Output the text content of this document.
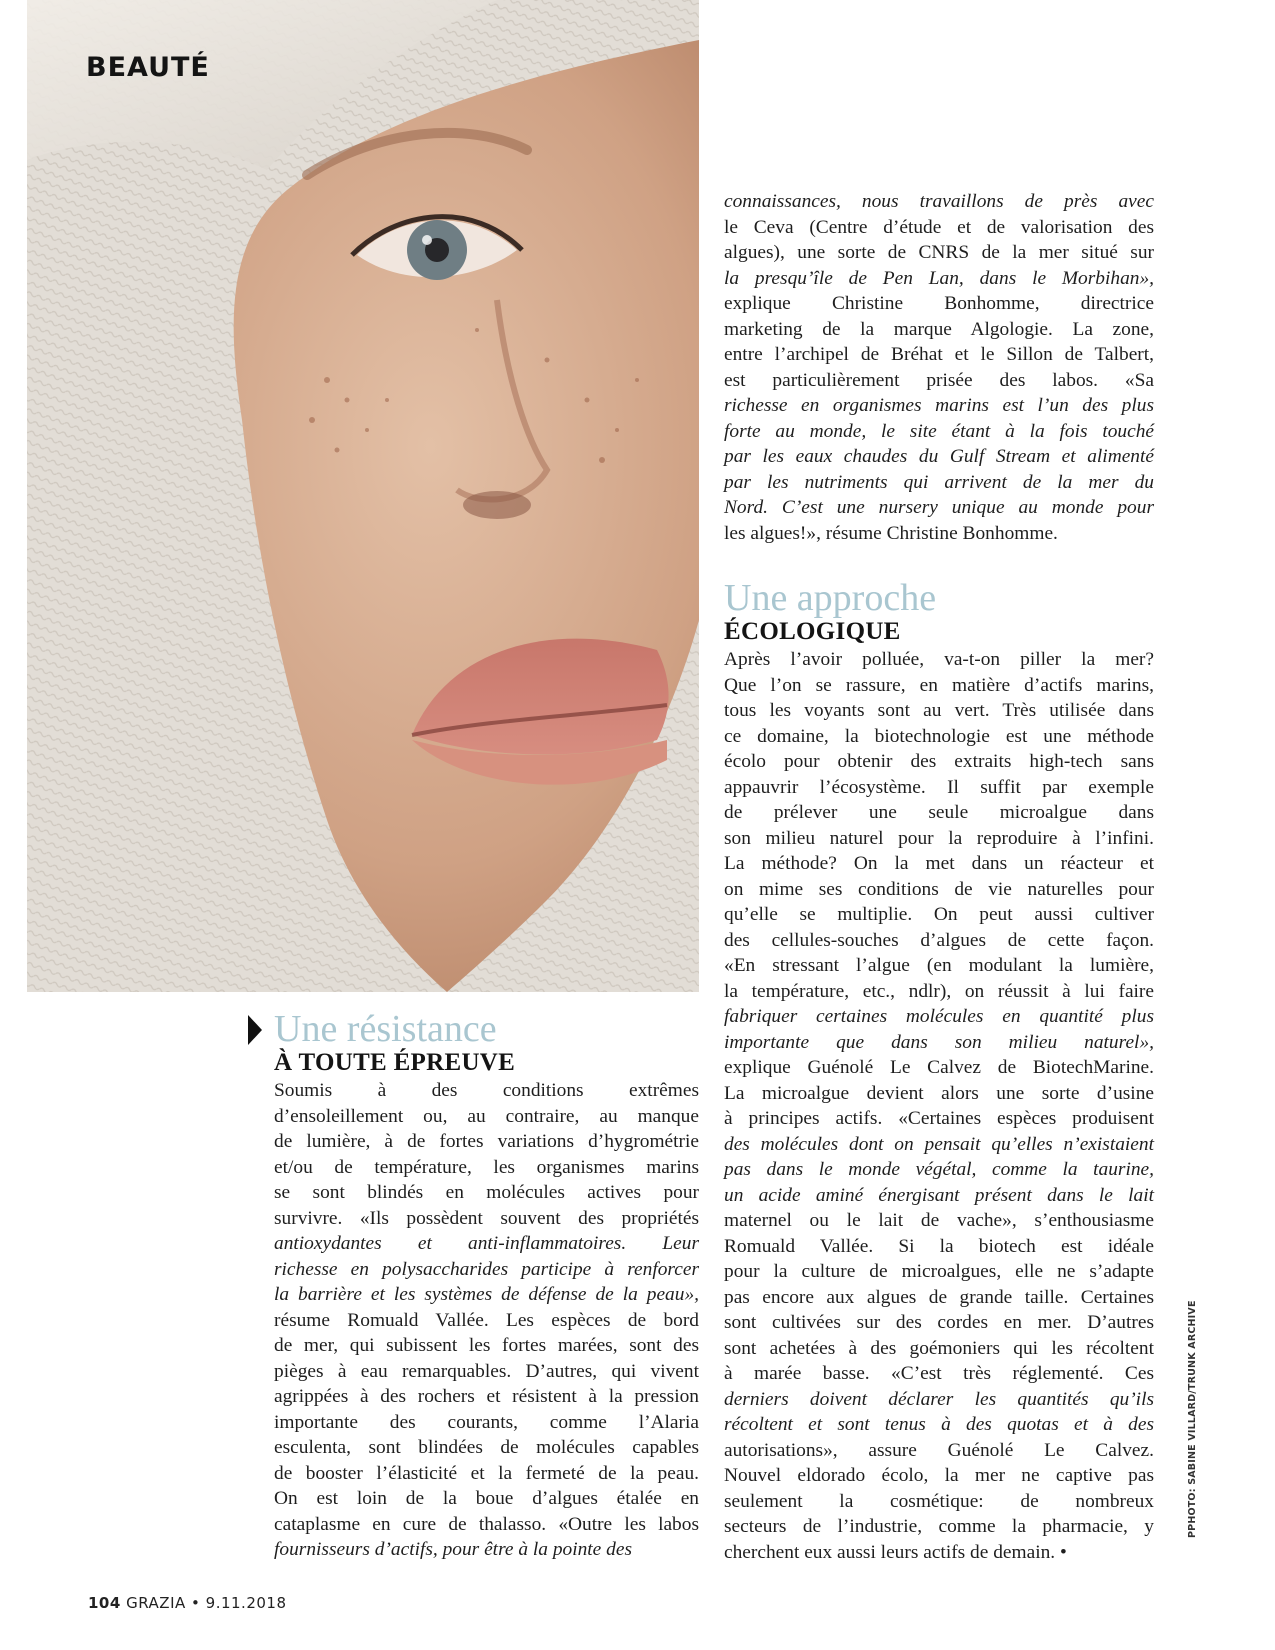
BEAUTÉ

connaissances, nous travaillons de près avec
le Ceva (Centre d’étude et de valorisation des
algues), une sorte de CNRS de la mer situé sur
la presqu’île de Pen Lan, dans le Morbihan»,
explique Christine Bonhomme, directrice
marketing de la marque Algologie. La zone,
entre l’archipel de Bréhat et le Sillon de Talbert,
est particulièrement prisée des labos. «Sa
richesse en organismes marins est l’un des plus
forte au monde, le site étant à la fois touché
par les eaux chaudes du Gulf Stream et alimenté
par les nutriments qui arrivent de la mer du
Nord. C’est une nursery unique au monde pour
les algues!», résume Christine Bonhomme.

Une approche
ÉCOLOGIQUE

Après l’avoir polluée, va-t-on piller la mer?
Que l’on se rassure, en matière d’actifs marins,
tous les voyants sont au vert. Très utilisée dans
ce domaine, la biotechnologie est une méthode
écolo pour obtenir des extraits high-tech sans
appauvrir l’écosystème. Il suffit par exemple
de prélever une seule microalgue dans
son milieu naturel pour la reproduire à l’infini.
La méthode? On la met dans un réacteur et
on mime ses conditions de vie naturelles pour
qu’elle se multiplie. On peut aussi cultiver
des cellules-souches d’algues de cette façon.
«En stressant l’algue (en modulant la lumière,
la température, etc., ndlr), on réussit à lui faire
fabriquer certaines molécules en quantité plus
importante que dans son milieu naturel»,
explique Guénolé Le Calvez de BiotechMarine.
La microalgue devient alors une sorte d’usine
à principes actifs. «Certaines espèces produisent
des molécules dont on pensait qu’elles n’existaient
pas dans le monde végétal, comme la taurine,
un acide aminé énergisant présent dans le lait
maternel ou le lait de vache», s’enthousiasme
Romuald Vallée. Si la biotech est idéale
pour la culture de microalgues, elle ne s’adapte
pas encore aux algues de grande taille. Certaines
sont cultivées sur des cordes en mer. D’autres
sont achetées à des goémoniers qui les récoltent
à marée basse. «C’est très réglementé. Ces
derniers doivent déclarer les quantités qu’ils
récoltent et sont tenus à des quotas et à des
autorisations», assure Guénolé Le Calvez.
Nouvel eldorado écolo, la mer ne captive pas
seulement la cosmétique: de nombreux
secteurs de l’industrie, comme la pharmacie, y
cherchent eux aussi leurs actifs de demain. •

Une résistance
À TOUTE ÉPREUVE

Soumis à des conditions extrêmes
d’ensoleillement ou, au contraire, au manque
de lumière, à de fortes variations d’hygrométrie
et/ou de température, les organismes marins
se sont blindés en molécules actives pour
survivre. «Ils possèdent souvent des propriétés
antioxydantes et anti-inflammatoires. Leur
richesse en polysaccharides participe à renforcer
la barrière et les systèmes de défense de la peau»,
résume Romuald Vallée. Les espèces de bord
de mer, qui subissent les fortes marées, sont des
pièges à eau remarquables. D’autres, qui vivent
agrippées à des rochers et résistent à la pression
importante des courants, comme l’Alaria
esculenta, sont blindées de molécules capables
de booster l’élasticité et la fermeté de la peau.
On est loin de la boue d’algues étalée en
cataplasme en cure de thalasso. «Outre les labos
fournisseurs d’actifs, pour être à la pointe des

104 GRAZIA • 9.11.2018
PPHOTO: SABINE VILLARD/TRUNK ARCHIVE
